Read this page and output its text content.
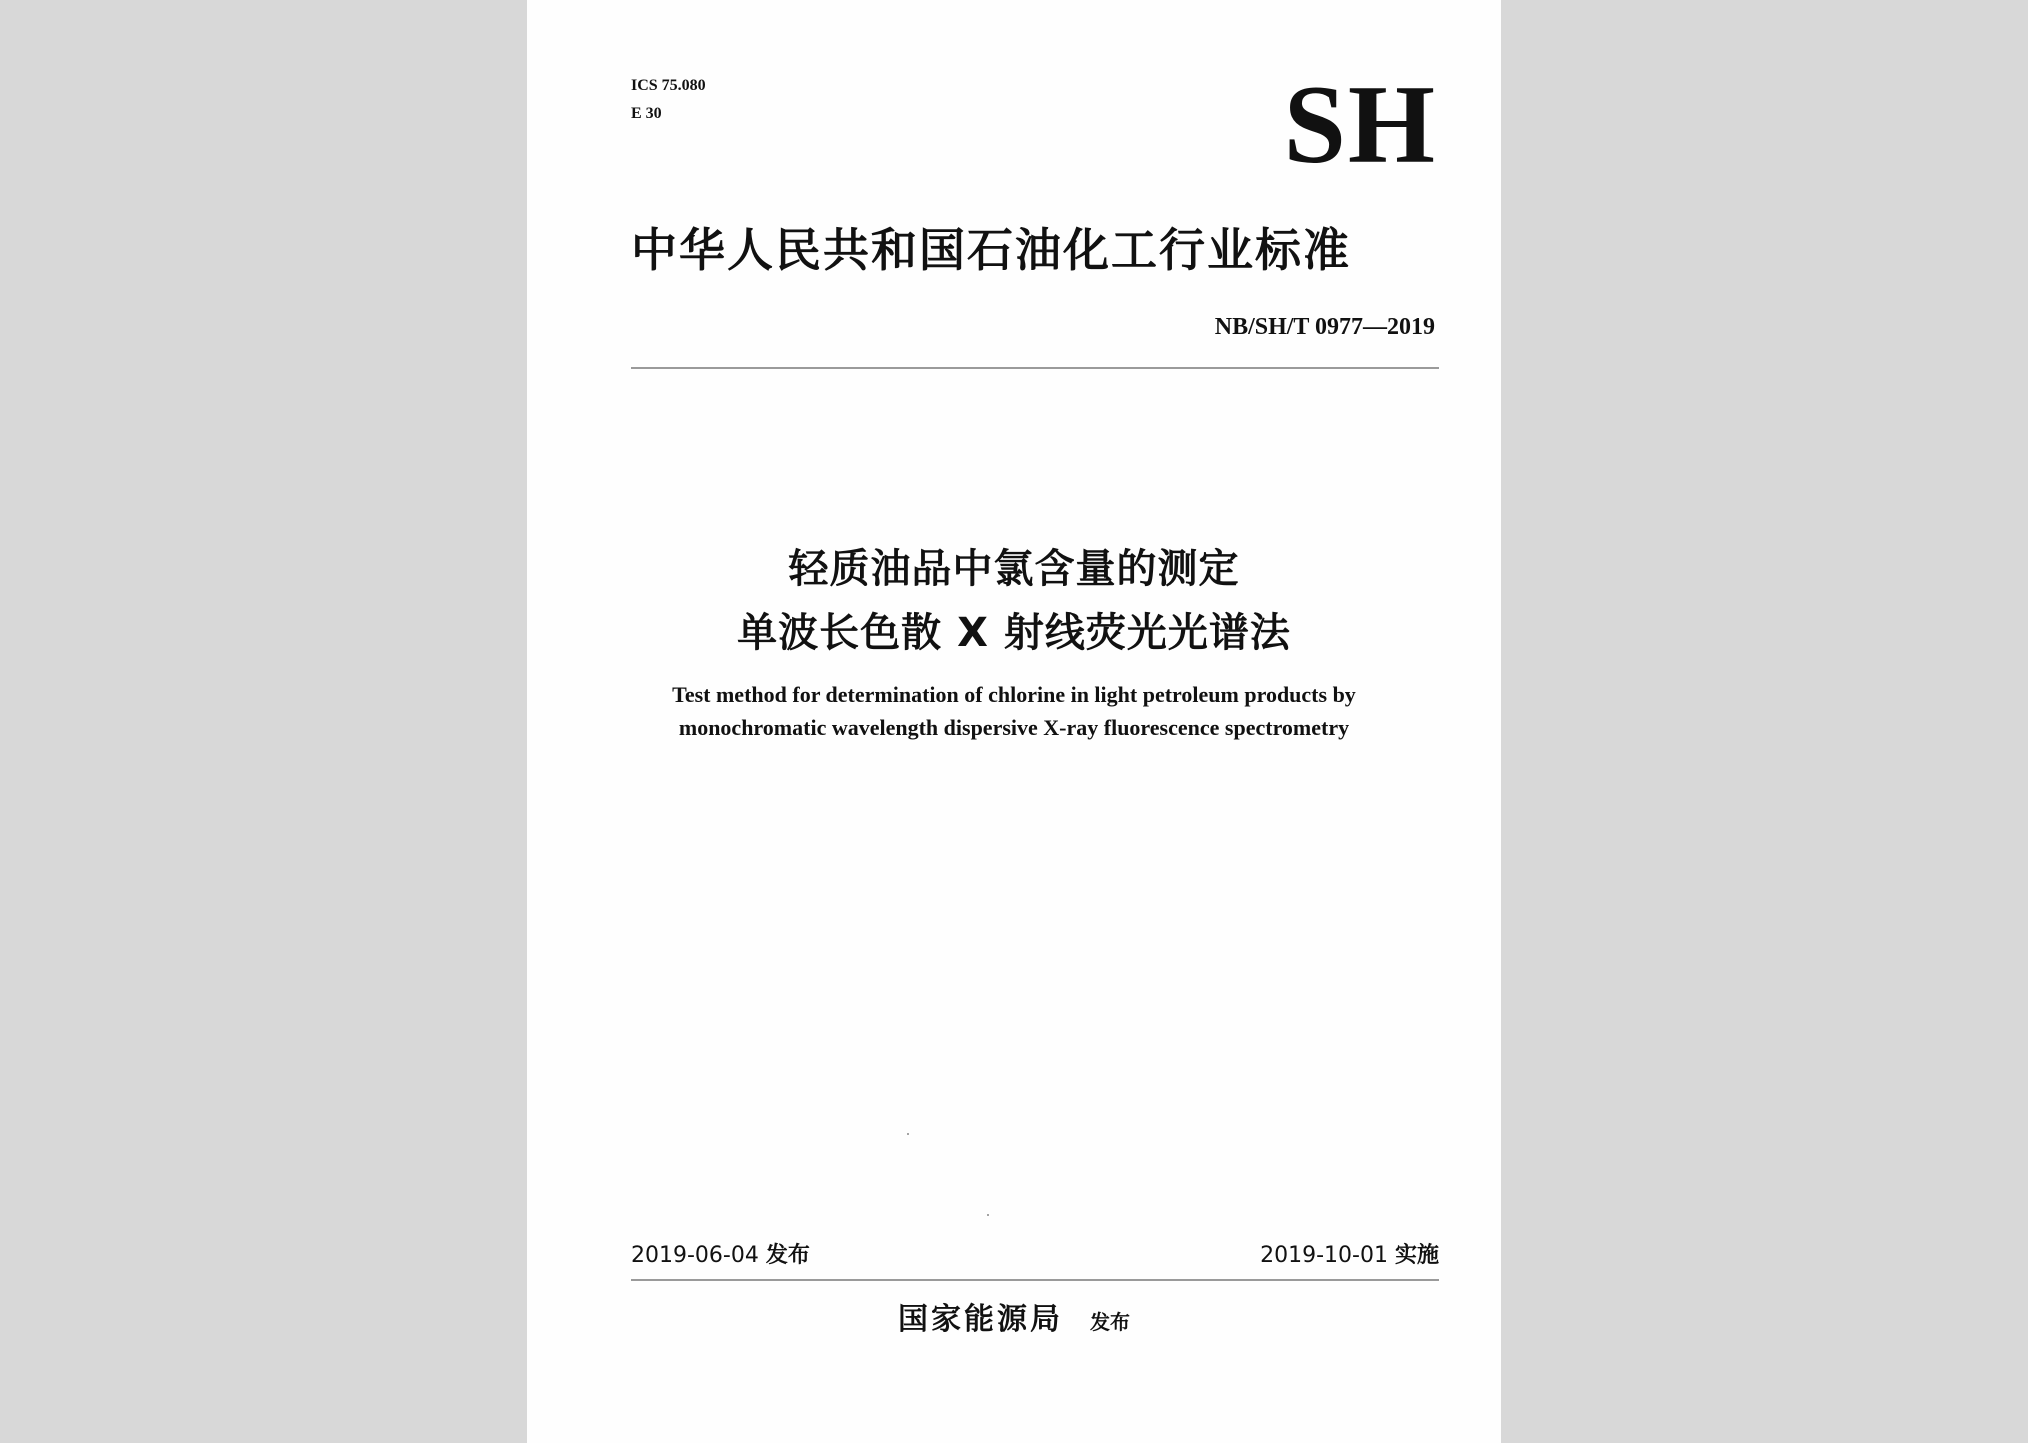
ICS 75.080
E 30	SH
中华人民共和国石油化工行业标准
NB/SH/T 0977—2019
轻质油品中氯含量的测定
单波长色散 X 射线荧光光谱法
Test method for determination of chlorine in light petroleum products by
monochromatic wavelength dispersive X-ray fluorescence spectrometry
2019-06-04 发布	2019-10-01 实施
国家能源局 发布
